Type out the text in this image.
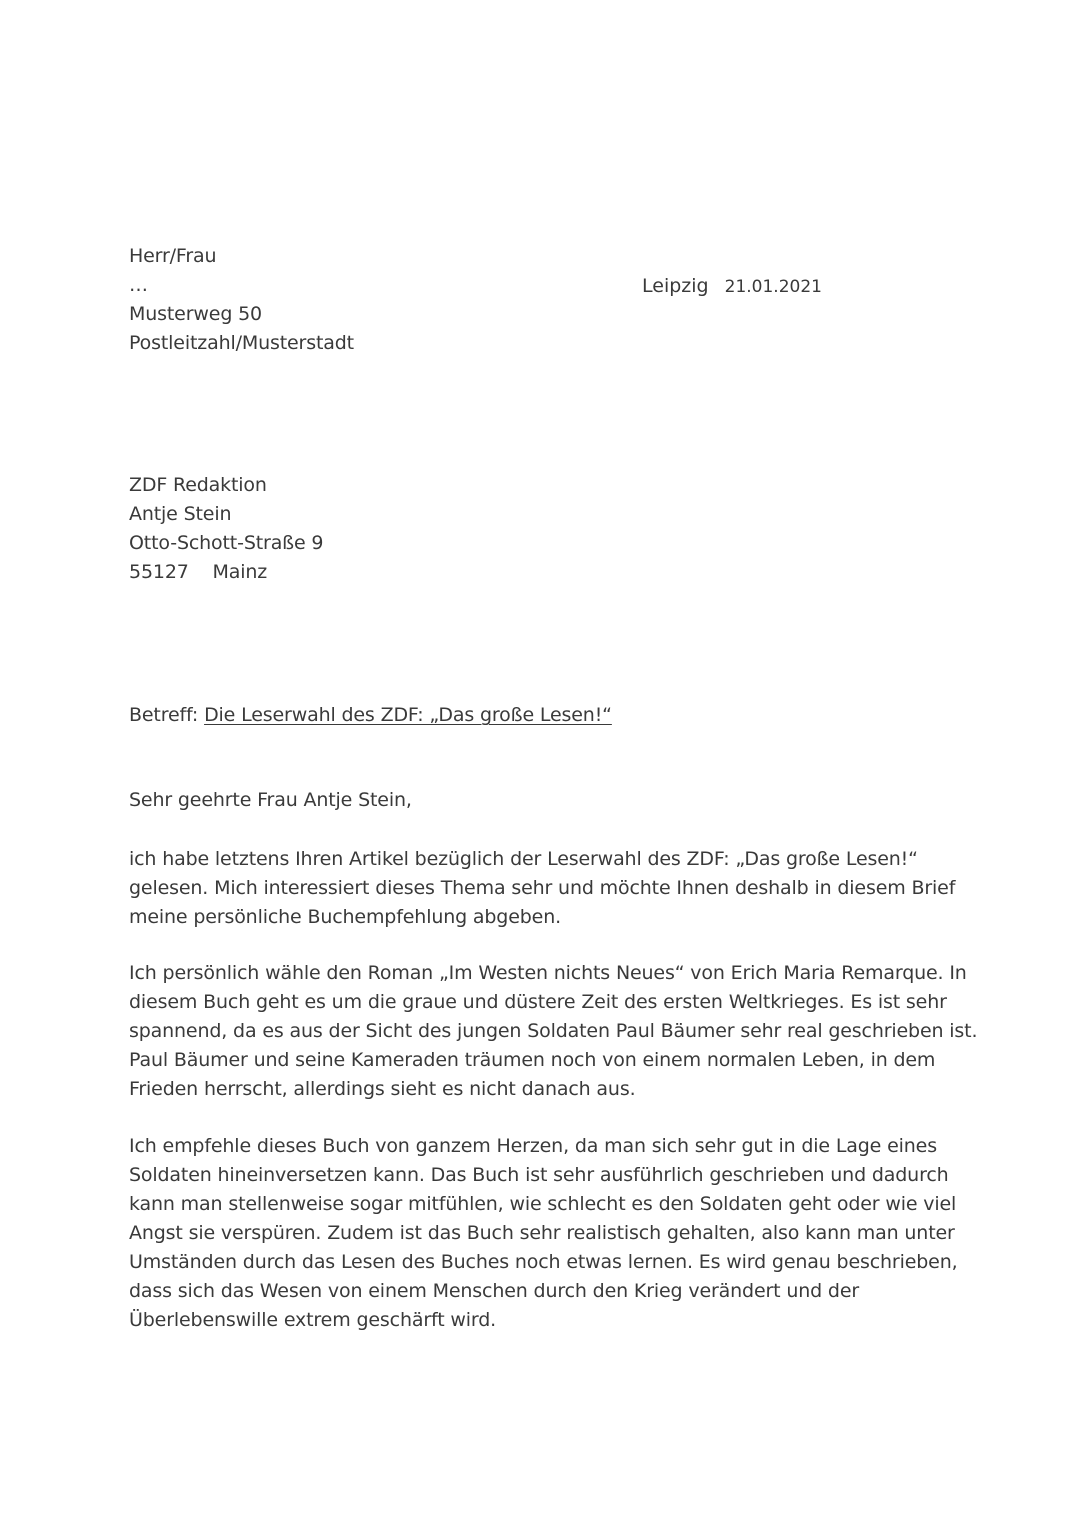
Herr/Frau
…
Musterweg 50
Postleitzahl/Musterstadt
Leipzig 21.01.2021
ZDF Redaktion
Antje Stein
Otto-Schott-Straße 9
55127 Mainz
Betreff: Die Leserwahl des ZDF: „Das große Lesen!“
Sehr geehrte Frau Antje Stein,
ich habe letztens Ihren Artikel bezüglich der Leserwahl des ZDF: „Das große Lesen!“
gelesen. Mich interessiert dieses Thema sehr und möchte Ihnen deshalb in diesem Brief
meine persönliche Buchempfehlung abgeben.
Ich persönlich wähle den Roman „Im Westen nichts Neues“ von Erich Maria Remarque. In
diesem Buch geht es um die graue und düstere Zeit des ersten Weltkrieges. Es ist sehr
spannend, da es aus der Sicht des jungen Soldaten Paul Bäumer sehr real geschrieben ist.
Paul Bäumer und seine Kameraden träumen noch von einem normalen Leben, in dem
Frieden herrscht, allerdings sieht es nicht danach aus.
Ich empfehle dieses Buch von ganzem Herzen, da man sich sehr gut in die Lage eines
Soldaten hineinversetzen kann. Das Buch ist sehr ausführlich geschrieben und dadurch
kann man stellenweise sogar mitfühlen, wie schlecht es den Soldaten geht oder wie viel
Angst sie verspüren. Zudem ist das Buch sehr realistisch gehalten, also kann man unter
Umständen durch das Lesen des Buches noch etwas lernen. Es wird genau beschrieben,
dass sich das Wesen von einem Menschen durch den Krieg verändert und der
Überlebenswille extrem geschärft wird.
